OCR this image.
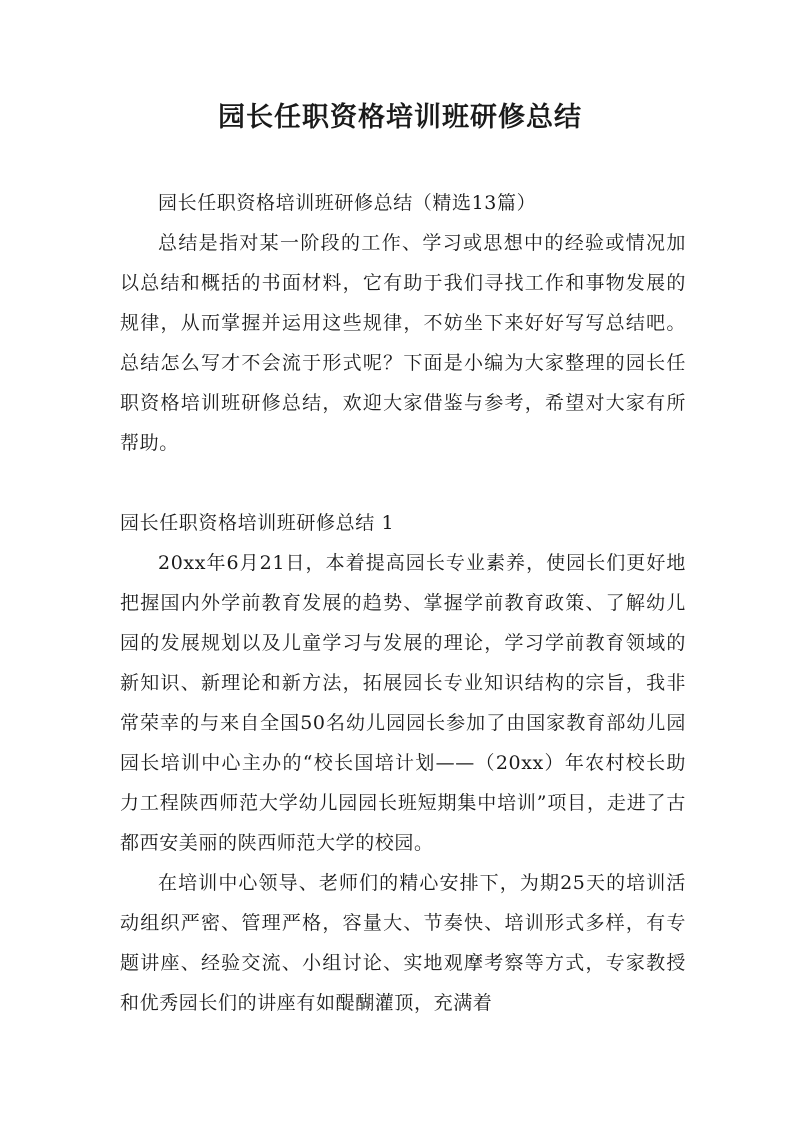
园长任职资格培训班研修总结

园长任职资格培训班研修总结（精选13篇）

总结是指对某一阶段的工作、学习或思想中的经验或情况加以总结和概括的书面材料，它有助于我们寻找工作和事物发展的规律，从而掌握并运用这些规律，不妨坐下来好好写写总结吧。总结怎么写才不会流于形式呢？下面是小编为大家整理的园长任职资格培训班研修总结，欢迎大家借鉴与参考，希望对大家有所帮助。

园长任职资格培训班研修总结 1

20xx年6月21日，本着提高园长专业素养，使园长们更好地把握国内外学前教育发展的趋势、掌握学前教育政策、了解幼儿园的发展规划以及儿童学习与发展的理论，学习学前教育领域的新知识、新理论和新方法，拓展园长专业知识结构的宗旨，我非常荣幸的与来自全国50名幼儿园园长参加了由国家教育部幼儿园园长培训中心主办的“校长国培计划——（20xx）年农村校长助力工程陕西师范大学幼儿园园长班短期集中培训”项目，走进了古都西安美丽的陕西师范大学的校园。

在培训中心领导、老师们的精心安排下，为期25天的培训活动组织严密、管理严格，容量大、节奏快、培训形式多样，有专题讲座、经验交流、小组讨论、实地观摩考察等方式，专家教授和优秀园长们的讲座有如醍醐灌顶，充满着
